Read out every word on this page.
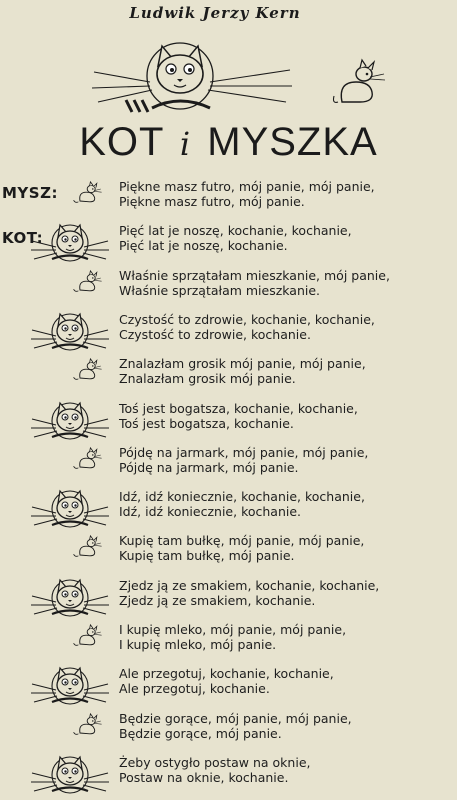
Ludwik Jerzy Kern
KOT i MYSZKA
MYSZ:
KOT:
Piękne masz futro, mój panie, mój panie,
Piękne masz futro, mój panie.
Pięć lat je noszę, kochanie, kochanie,
Pięć lat je noszę, kochanie.
Właśnie sprzątałam mieszkanie, mój panie,
Właśnie sprzątałam mieszkanie.
Czystość to zdrowie, kochanie, kochanie,
Czystość to zdrowie, kochanie.
Znalazłam grosik mój panie, mój panie,
Znalazłam grosik mój panie.
Toś jest bogatsza, kochanie, kochanie,
Toś jest bogatsza, kochanie.
Pójdę na jarmark, mój panie, mój panie,
Pójdę na jarmark, mój panie.
Idź, idź koniecznie, kochanie, kochanie,
Idź, idź koniecznie, kochanie.
Kupię tam bułkę, mój panie, mój panie,
Kupię tam bułkę, mój panie.
Zjedz ją ze smakiem, kochanie, kochanie,
Zjedz ją ze smakiem, kochanie.
I kupię mleko, mój panie, mój panie,
I kupię mleko, mój panie.
Ale przegotuj, kochanie, kochanie,
Ale przegotuj, kochanie.
Będzie gorące, mój panie, mój panie,
Będzie gorące, mój panie.
Żeby ostygło postaw na oknie,
Postaw na oknie, kochanie.
